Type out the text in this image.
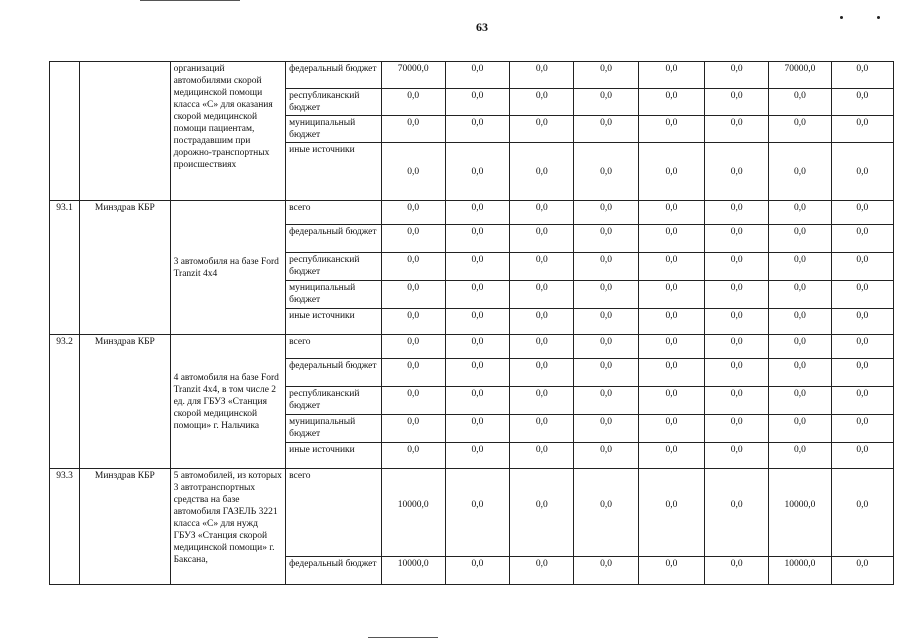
63
		организаций автомобилями скорой медицинской помощи класса «С» для оказания скорой медицинской помощи пациентам, пострадавшим при дорожно-транспортных происшествиях	федеральный бюджет	70000,0	0,0	0,0	0,0	0,0	0,0	70000,0	0,0
			республиканский бюджет	0,0	0,0	0,0	0,0	0,0	0,0	0,0	0,0
			муниципальный бюджет	0,0	0,0	0,0	0,0	0,0	0,0	0,0	0,0
			иные источники	0,0	0,0	0,0	0,0	0,0	0,0	0,0	0,0
93.1	Минздрав КБР	3 автомобиля на базе Ford Tranzit 4x4	всего	0,0	0,0	0,0	0,0	0,0	0,0	0,0	0,0
			федеральный бюджет	0,0	0,0	0,0	0,0	0,0	0,0	0,0	0,0
			республиканский бюджет	0,0	0,0	0,0	0,0	0,0	0,0	0,0	0,0
			муниципальный бюджет	0,0	0,0	0,0	0,0	0,0	0,0	0,0	0,0
			иные источники	0,0	0,0	0,0	0,0	0,0	0,0	0,0	0,0
93.2	Минздрав КБР	4 автомобиля на базе Ford Tranzit 4x4, в том числе 2 ед. для ГБУЗ «Станция скорой медицинской помощи» г. Нальчика	всего	0,0	0,0	0,0	0,0	0,0	0,0	0,0	0,0
			федеральный бюджет	0,0	0,0	0,0	0,0	0,0	0,0	0,0	0,0
			республиканский бюджет	0,0	0,0	0,0	0,0	0,0	0,0	0,0	0,0
			муниципальный бюджет	0,0	0,0	0,0	0,0	0,0	0,0	0,0	0,0
			иные источники	0,0	0,0	0,0	0,0	0,0	0,0	0,0	0,0
93.3	Минздрав КБР	5 автомобилей, из которых 3 автотранспортных средства на базе автомобиля ГАЗЕЛЬ 3221 класса «С» для нужд ГБУЗ «Станция скорой медицинской помощи» г. Баксана,	всего	10000,0	0,0	0,0	0,0	0,0	0,0	10000,0	0,0
			федеральный бюджет	10000,0	0,0	0,0	0,0	0,0	0,0	10000,0	0,0
